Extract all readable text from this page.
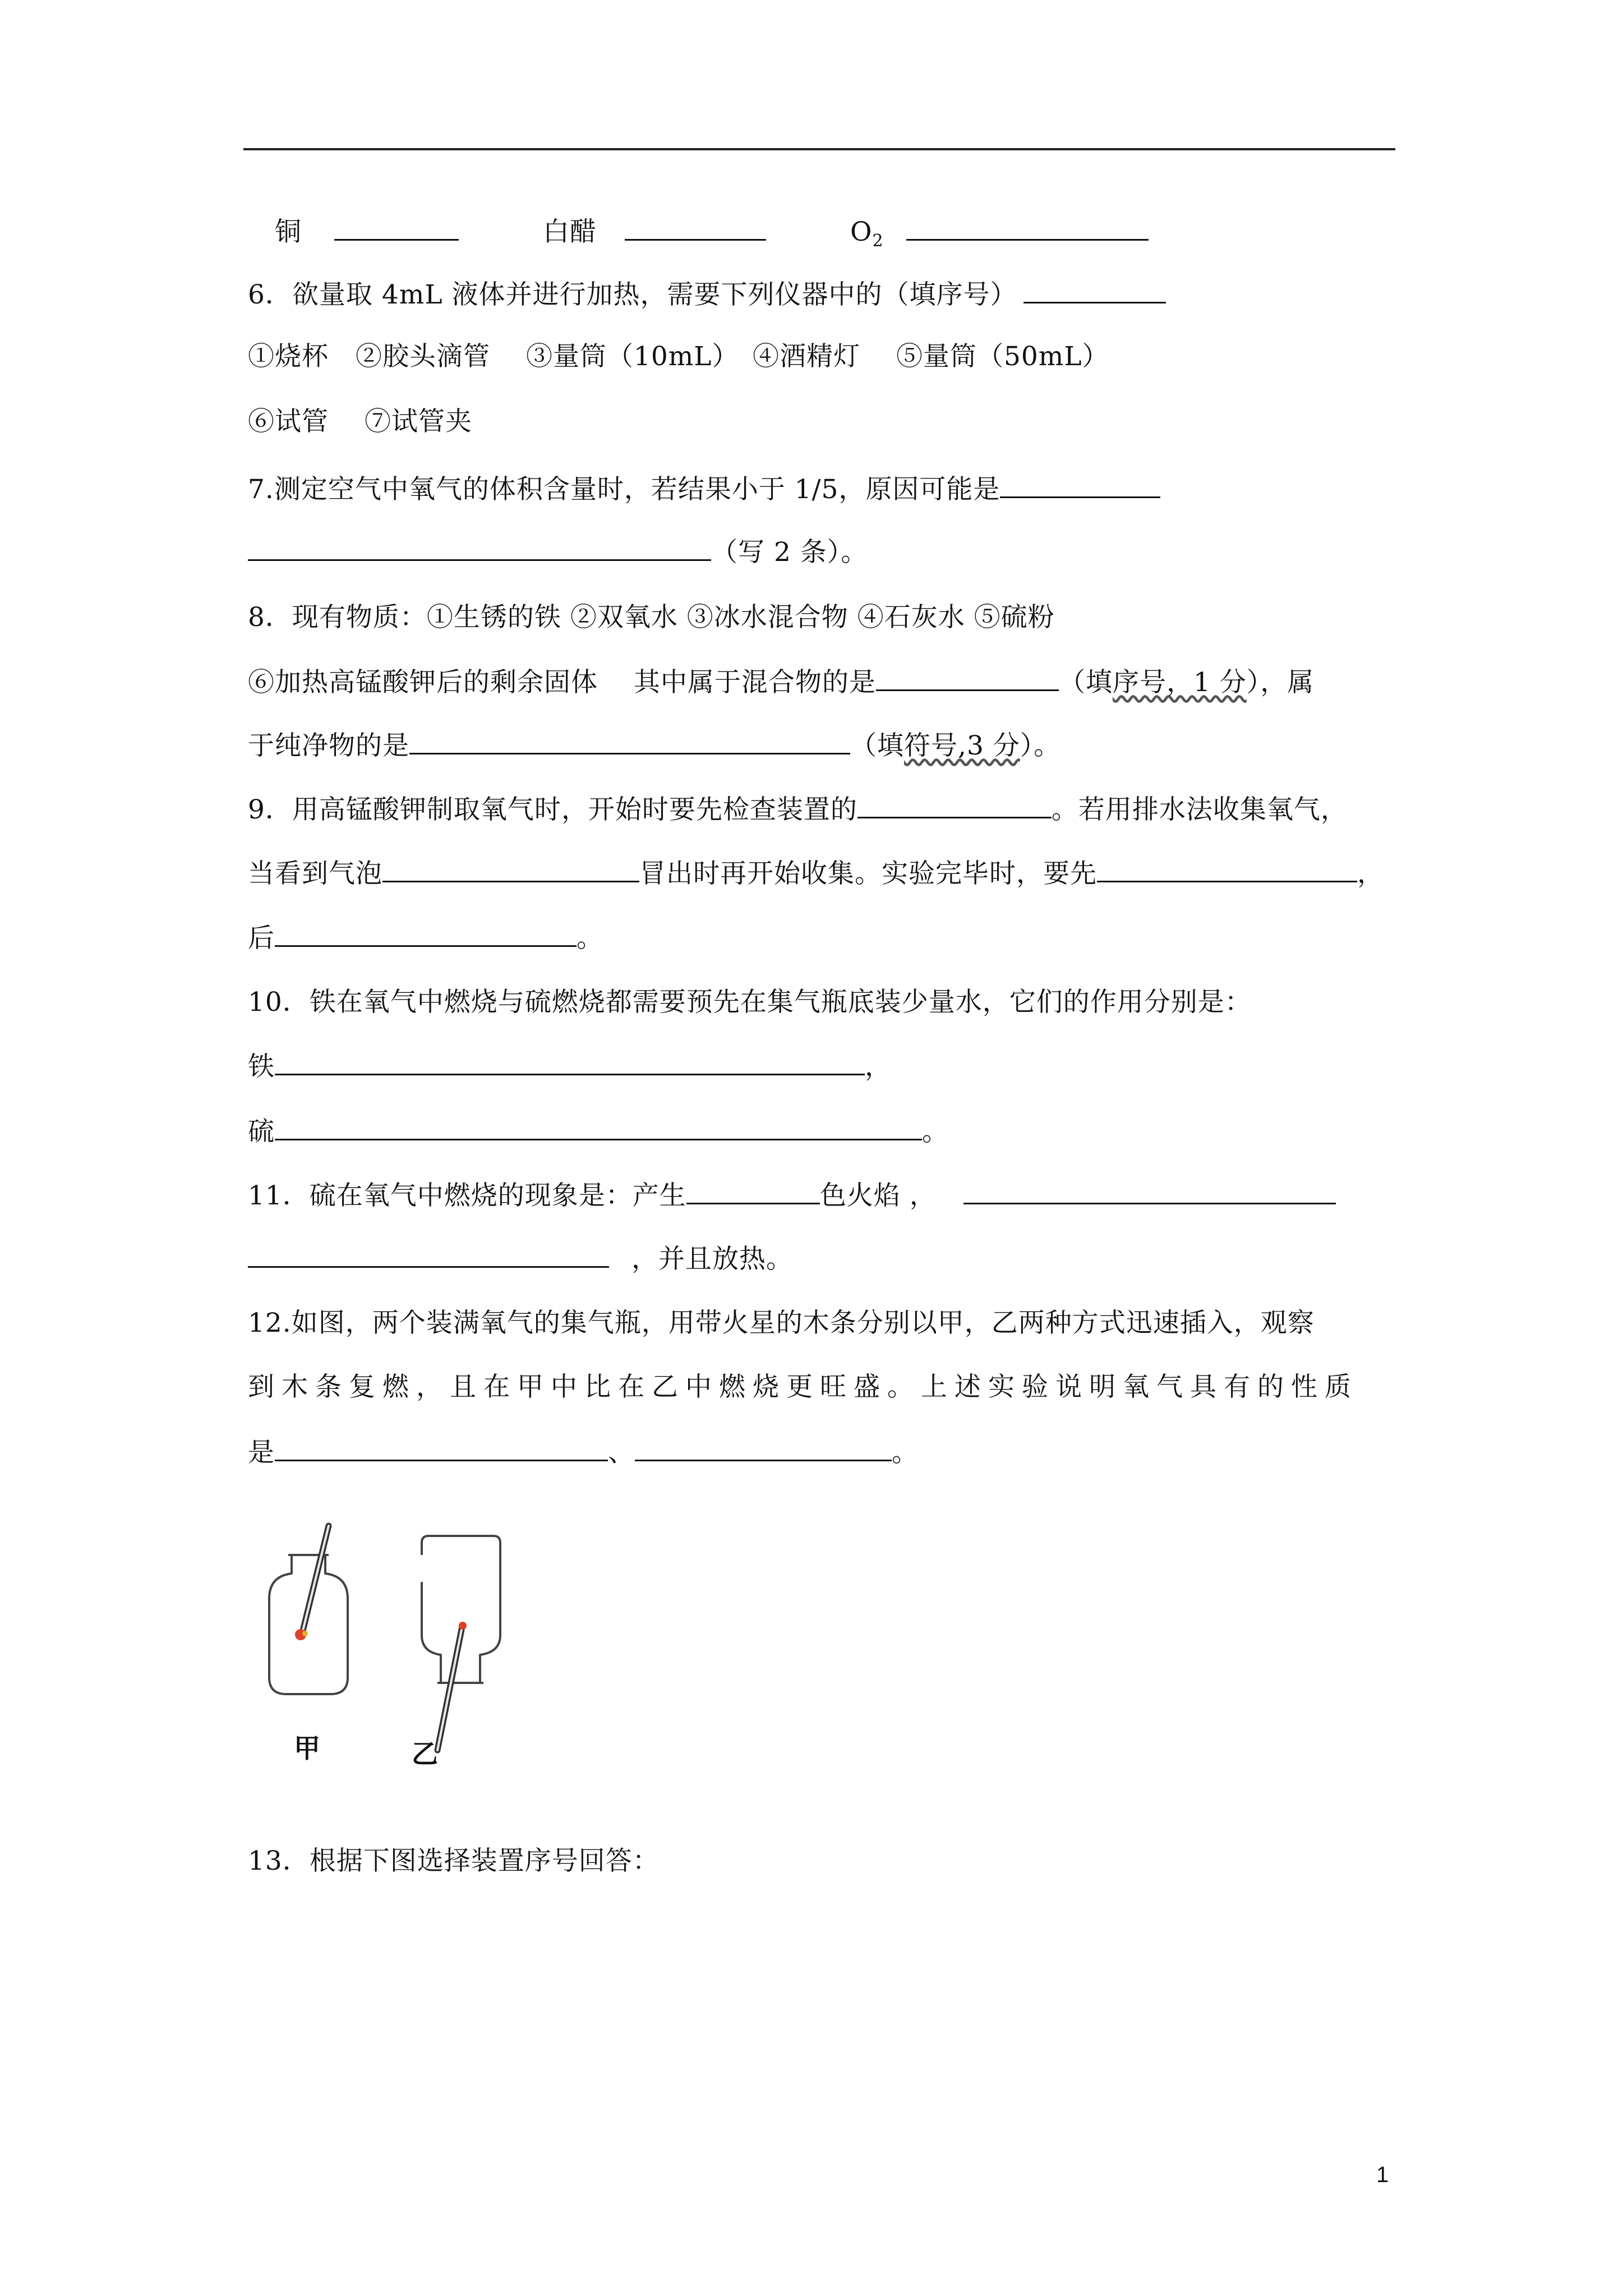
铜	白醋	$O_2$
6．欲量取 4mL 液体并进行加热，需要下列仪器中的（填序号）
①烧杯　②胶头滴管　 ③量筒（10mL）　④酒精灯　 ⑤量筒（50mL）
⑥试管　 ⑦试管夹
7.测定空气中氧气的体积含量时，若结果小于 1/5，原因可能是
（写 2 条）。
8．现有物质：①生锈的铁 ②双氧水 ③冰水混合物 ④石灰水 ⑤硫粉
⑥加热高锰酸钾后的剩余固体　 其中属于混合物的是	（填序号，1 分），属
于纯净物的是	（填符号,3 分）。
9．用高锰酸钾制取氧气时，开始时要先检查装置的	。若用排水法收集氧气，
当看到气泡	冒出时再开始收集。实验完毕时，要先	，
后	。
10．铁在氧气中燃烧与硫燃烧都需要预先在集气瓶底装少量水，它们的作用分别是：
铁	，
硫	。
11．硫在氧气中燃烧的现象是：产生	色火焰 ，
，并且放热。
12.如图，两个装满氧气的集气瓶，用带火星的木条分别以甲，乙两种方式迅速插入，观察
到木条复燃，且在甲中比在乙中燃烧更旺盛。上述实验说明氧气具有的性质
是	、	。
甲	乙
13．根据下图选择装置序号回答：
1
